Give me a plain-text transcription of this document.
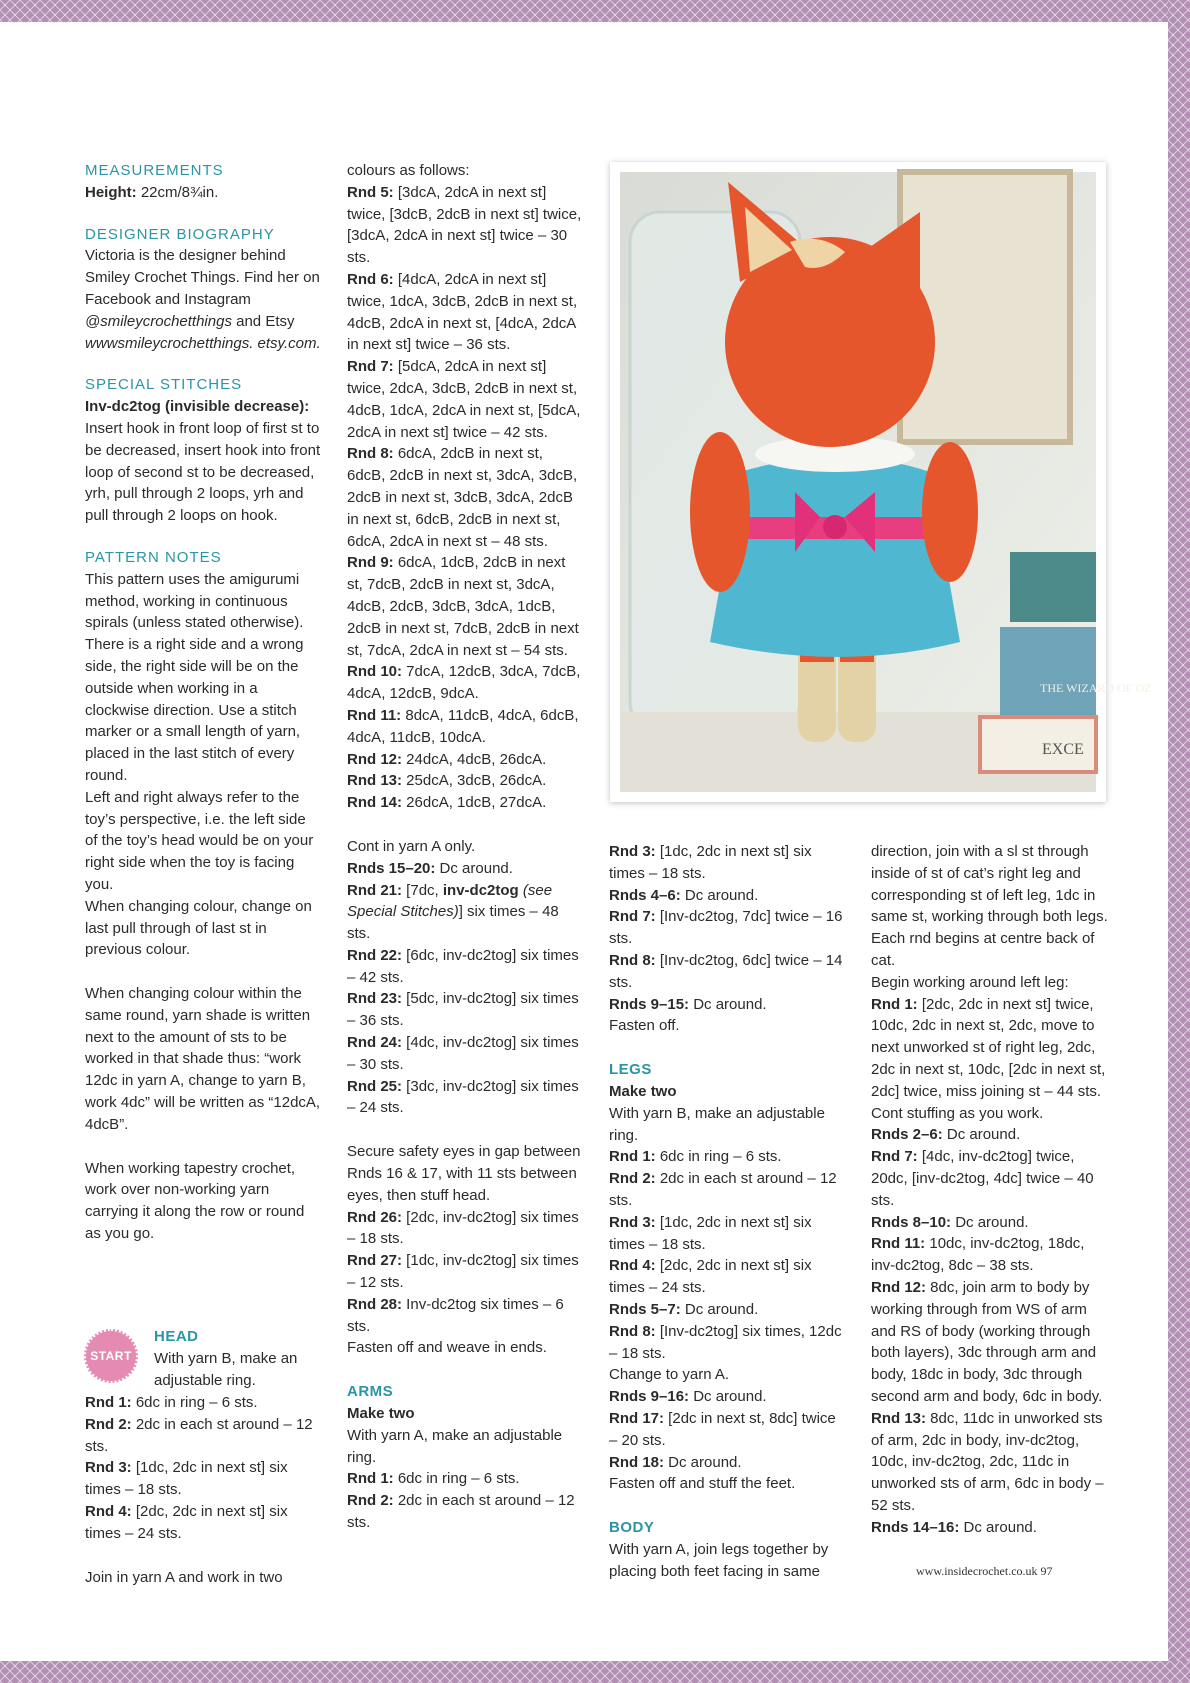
MEASUREMENTS

Height: 22cm/8¾in.

DESIGNER BIOGRAPHY

Victoria is the designer behind Smiley Crochet Things. Find her on Facebook and Instagram @smileycrochetthings and Etsy wwwsmileycrochetthings. etsy.com.

SPECIAL STITCHES

Inv-dc2tog (invisible decrease): Insert hook in front loop of first st to be decreased, insert hook into front loop of second st to be decreased, yrh, pull through 2 loops, yrh and pull through 2 loops on hook.

PATTERN NOTES

This pattern uses the amigurumi method, working in continuous spirals (unless stated otherwise). There is a right side and a wrong side, the right side will be on the outside when working in a clockwise direction. Use a stitch marker or a small length of yarn, placed in the last stitch of every round.

Left and right always refer to the toy’s perspective, i.e. the left side of the toy’s head would be on your right side when the toy is facing you.

When changing colour, change on last pull through of last st in previous colour.

When changing colour within the same round, yarn shade is written next to the amount of sts to be worked in that shade thus: “work 12dc in yarn A, change to yarn B, work 4dc” will be written as “12dcA, 4dcB”.

When working tapestry crochet, work over non-working yarn carrying it along the row or round as you go.

START
HEAD

With yarn B, make an adjustable ring.

Rnd 1: 6dc in ring – 6 sts.

Rnd 2: 2dc in each st around – 12 sts.

Rnd 3: [1dc, 2dc in next st] six times – 18 sts.

Rnd 4: [2dc, 2dc in next st] six times – 24 sts.

Join in yarn A and work in two

colours as follows:

Rnd 5: [3dcA, 2dcA in next st] twice, [3dcB, 2dcB in next st] twice, [3dcA, 2dcA in next st] twice – 30 sts.

Rnd 6: [4dcA, 2dcA in next st] twice, 1dcA, 3dcB, 2dcB in next st, 4dcB, 2dcA in next st, [4dcA, 2dcA in next st] twice – 36 sts.

Rnd 7: [5dcA, 2dcA in next st] twice, 2dcA, 3dcB, 2dcB in next st, 4dcB, 1dcA, 2dcA in next st, [5dcA, 2dcA in next st] twice – 42 sts.

Rnd 8: 6dcA, 2dcB in next st, 6dcB, 2dcB in next st, 3dcA, 3dcB, 2dcB in next st, 3dcB, 3dcA, 2dcB in next st, 6dcB, 2dcB in next st, 6dcA, 2dcA in next st – 48 sts.

Rnd 9: 6dcA, 1dcB, 2dcB in next st, 7dcB, 2dcB in next st, 3dcA, 4dcB, 2dcB, 3dcB, 3dcA, 1dcB, 2dcB in next st, 7dcB, 2dcB in next st, 7dcA, 2dcA in next st – 54 sts.

Rnd 10: 7dcA, 12dcB, 3dcA, 7dcB, 4dcA, 12dcB, 9dcA.

Rnd 11: 8dcA, 11dcB, 4dcA, 6dcB, 4dcA, 11dcB, 10dcA.

Rnd 12: 24dcA, 4dcB, 26dcA.

Rnd 13: 25dcA, 3dcB, 26dcA.

Rnd 14: 26dcA, 1dcB, 27dcA.

Cont in yarn A only.

Rnds 15–20: Dc around.

Rnd 21: [7dc, inv-dc2tog (see Special Stitches)] six times – 48 sts.

Rnd 22: [6dc, inv-dc2tog] six times – 42 sts.

Rnd 23: [5dc, inv-dc2tog] six times – 36 sts.

Rnd 24: [4dc, inv-dc2tog] six times – 30 sts.

Rnd 25: [3dc, inv-dc2tog] six times – 24 sts.

Secure safety eyes in gap between Rnds 16 & 17, with 11 sts between eyes, then stuff head.

Rnd 26: [2dc, inv-dc2tog] six times – 18 sts.

Rnd 27: [1dc, inv-dc2tog] six times – 12 sts.

Rnd 28: Inv-dc2tog six times – 6 sts.

Fasten off and weave in ends.

ARMS

Make two

With yarn A, make an adjustable ring.

Rnd 1: 6dc in ring – 6 sts.

Rnd 2: 2dc in each st around – 12 sts.

THE WIZARD OF OZ
EXCE

Rnd 3: [1dc, 2dc in next st] six times – 18 sts.

Rnds 4–6: Dc around.

Rnd 7: [Inv-dc2tog, 7dc] twice – 16 sts.

Rnd 8: [Inv-dc2tog, 6dc] twice – 14 sts.

Rnds 9–15: Dc around.

Fasten off.

LEGS

Make two

With yarn B, make an adjustable ring.

Rnd 1: 6dc in ring – 6 sts.

Rnd 2: 2dc in each st around – 12 sts.

Rnd 3: [1dc, 2dc in next st] six times – 18 sts.

Rnd 4: [2dc, 2dc in next st] six times – 24 sts.

Rnds 5–7: Dc around.

Rnd 8: [Inv-dc2tog] six times, 12dc – 18 sts.

Change to yarn A.

Rnds 9–16: Dc around.

Rnd 17: [2dc in next st, 8dc] twice – 20 sts.

Rnd 18: Dc around.

Fasten off and stuff the feet.

BODY

With yarn A, join legs together by placing both feet facing in same

direction, join with a sl st through inside of st of cat’s right leg and corresponding st of left leg, 1dc in same st, working through both legs. Each rnd begins at centre back of cat.

Begin working around left leg:

Rnd 1: [2dc, 2dc in next st] twice, 10dc, 2dc in next st, 2dc, move to next unworked st of right leg, 2dc, 2dc in next st, 10dc, [2dc in next st, 2dc] twice, miss joining st – 44 sts.

Cont stuffing as you work.

Rnds 2–6: Dc around.

Rnd 7: [4dc, inv-dc2tog] twice, 20dc, [inv-dc2tog, 4dc] twice – 40 sts.

Rnds 8–10: Dc around.

Rnd 11: 10dc, inv-dc2tog, 18dc, inv-dc2tog, 8dc – 38 sts.

Rnd 12: 8dc, join arm to body by working through from WS of arm and RS of body (working through both layers), 3dc through arm and body, 18dc in body, 3dc through second arm and body, 6dc in body.

Rnd 13: 8dc, 11dc in unworked sts of arm, 2dc in body, inv-dc2tog, 10dc, inv-dc2tog, 2dc, 11dc in unworked sts of arm, 6dc in body – 52 sts.

Rnds 14–16: Dc around.

www.insidecrochet.co.uk 97
